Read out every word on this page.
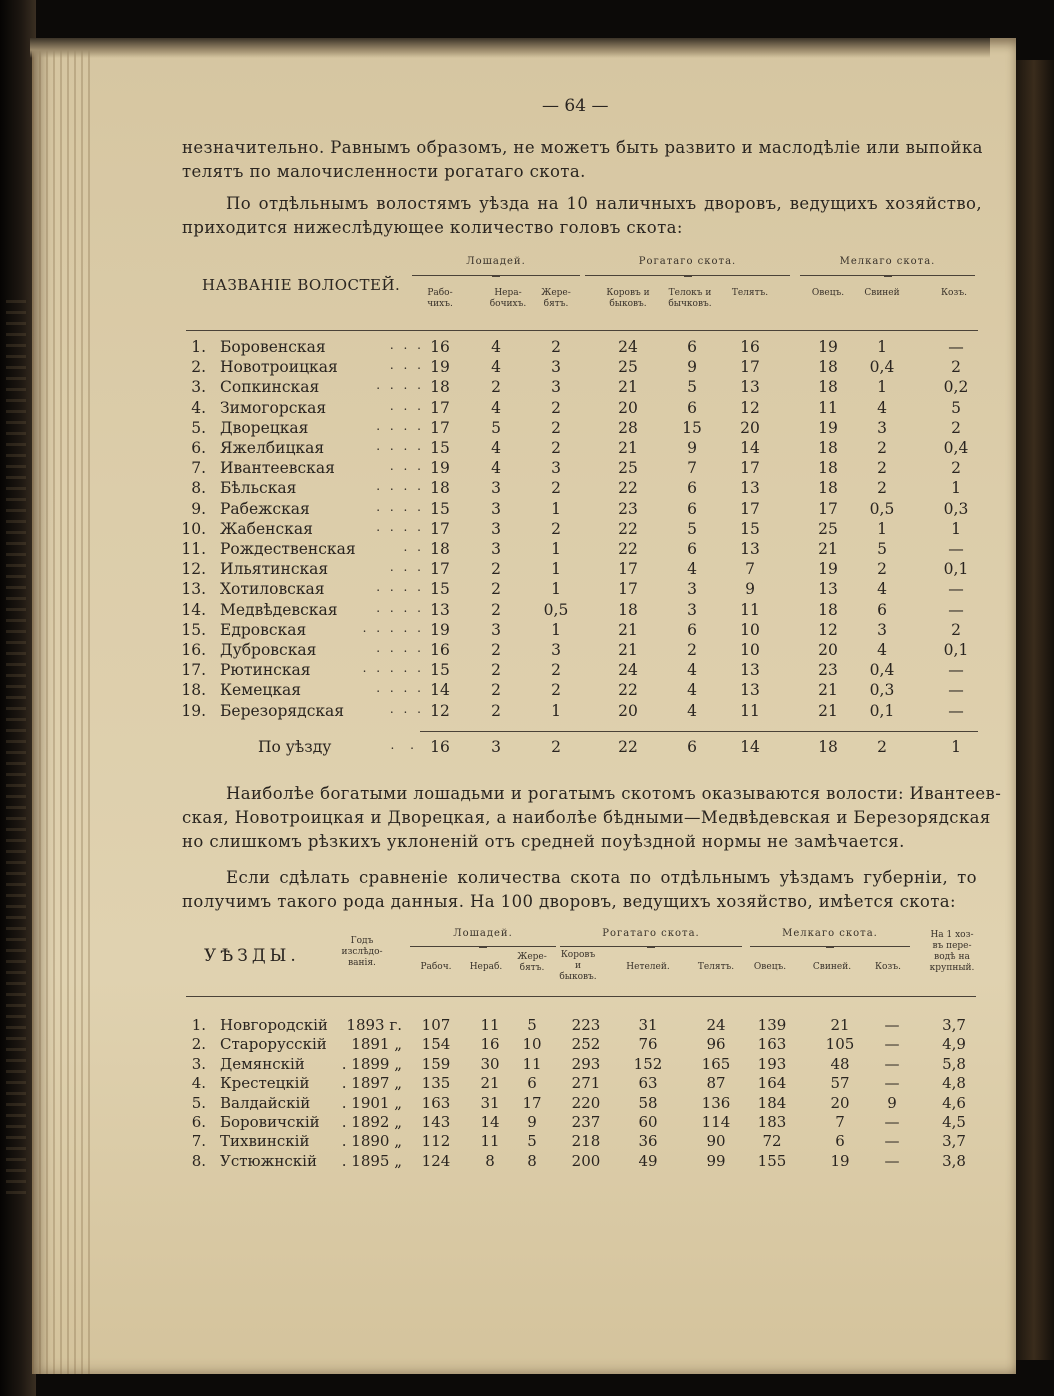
— 64 —
незначительно. Равнымъ образомъ, не можетъ быть развито и маслодѣліе или выпойка
телятъ по малочисленности рогатаго скота.
По отдѣльнымъ волостямъ уѣзда на 10 наличныхъ дворовъ, ведущихъ хозяйство,
приходится нижеслѣдующее количество головъ скота:
НАЗВАНІЕ ВОЛОСТЕЙ.
Лошадей.	Рогатаго скота.	Мелкаго скота.
Рабо-
чихъ.
Нера-
бочихъ.
Жере-
бятъ.
Коровъ и
быковъ.
Телокъ и
бычковъ.
Телятъ.	Овецъ.	Свиней	Козъ.
1. Боровенская	. . . 16	4	2	24	6	16	19	1	—
2. Новотроицкая	. . . 19	4	3	25	9	17	18	0,4	2
3. Сопкинская	. . . . 18	2	3	21	5	13	18	1	0,2
4. Зимогорская	. . . 17	4	2	20	6	12	11	4	5
5. Дворецкая	. . . . 17	5	2	28	15	20	19	3	2
6. Яжелбицкая	. . . . 15	4	2	21	9	14	18	2	0,4
7. Ивантеевская	. . . 19	4	3	25	7	17	18	2	2
8. Бѣльская	. . . . 18	3	2	22	6	13	18	2	1
9. Рабежская	. . . . 15	3	1	23	6	17	17	0,5	0,3
10. Жабенская	. . . . 17	3	2	22	5	15	25	1	1
11. Рождественская	. . 18	3	1	22	6	13	21	5	—
12. Ильятинская	. . . 17	2	1	17	4	7	19	2	0,1
13. Хотиловская	. . . . 15	2	1	17	3	9	13	4	—
14. Медвѣдевская	. . . . 13	2	0,5	18	3	11	18	6	—
15. Едровская	. . . . . 19	3	1	21	6	10	12	3	2
16. Дубровская	. . . . 16	2	3	21	2	10	20	4	0,1
17. Рютинская	. . . . . 15	2	2	24	4	13	23	0,4	—
18. Кемецкая	. . . . 14	2	2	22	4	13	21	0,3	—
19. Березорядская	. . . 12	2	1	20	4	11	21	0,1	—
По уѣзду	. . 16	3	2	22	6	14	18	2	1
Наиболѣе богатыми лошадьми и рогатымъ скотомъ оказываются волости: Ивантеев-
ская, Новотроицкая и Дворецкая, а наиболѣе бѣдными—Медвѣдевская и Березорядская
но слишкомъ рѣзкихъ уклоненій отъ средней поуѣздной нормы не замѣчается.
Если сдѣлать сравненіе количества скота по отдѣльнымъ уѣздамъ губерніи, то
получимъ такого рода данныя. На 100 дворовъ, ведущихъ хозяйство, имѣется скота:
УѢЗДЫ.
Годъ
изслѣдо-
ванія.
Лошадей.	Рогатаго скота.	Мелкаго скота.
Рабоч.	Нераб.
Жере-
бятъ.
Коровъ
и
быковъ.
Нетелей.	Телятъ.	Овецъ.	Свиней.	Козъ.
На 1 хоз-
въ пере-
водѣ на
крупный.
1. Новгородскій	1893 г.	107	11	5	223	31	24	139	21	—	3,7
2. Старорусскій	1891 „	154	16	10	252	76	96	163	105	—	4,9
3. Демянскій	. 1899 „	159	30	11	293	152	165	193	48	—	5,8
4. Крестецкій	. 1897 „	135	21	6	271	63	87	164	57	—	4,8
5. Валдайскій	. 1901 „	163	31	17	220	58	136	184	20	9	4,6
6. Боровичскій	. 1892 „	143	14	9	237	60	114	183	7	—	4,5
7. Тихвинскій	. 1890 „	112	11	5	218	36	90	72	6	—	3,7
8. Устюжнскій	. 1895 „	124	8	8	200	49	99	155	19	—	3,8
